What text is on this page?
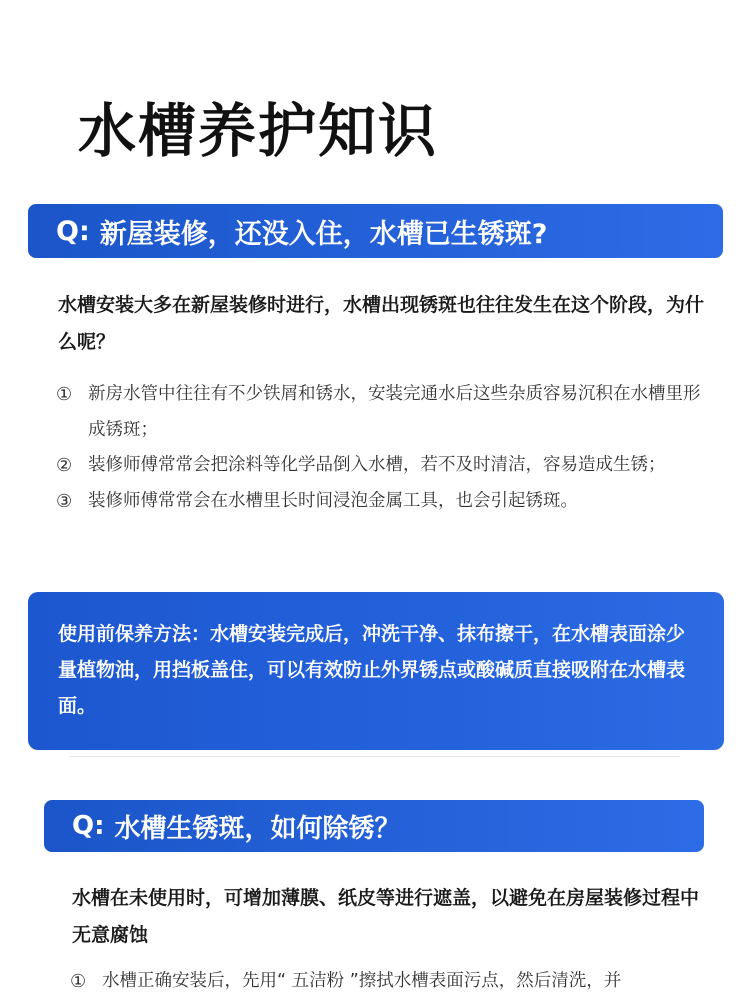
水槽养护知识
Q: 新屋装修，还没入住，水槽已生锈斑?
水槽安装大多在新屋装修时进行，水槽出现锈斑也往往发生在这个阶段，为什么呢？
① 新房水管中往往有不少铁屑和锈水，安装完通水后这些杂质容易沉积在水槽里形成锈斑；
② 装修师傅常常会把涂料等化学品倒入水槽，若不及时清洁，容易造成生锈；
③ 装修师傅常常会在水槽里长时间浸泡金属工具，也会引起锈斑。
使用前保养方法：水槽安装完成后，冲洗干净、抹布擦干，在水槽表面涂少量植物油，用挡板盖住，可以有效防止外界锈点或酸碱质直接吸附在水槽表面。
Q: 水槽生锈斑，如何除锈？
水槽在未使用时，可增加薄膜、纸皮等进行遮盖，以避免在房屋装修过程中无意腐蚀
① 水槽正确安装后，先用“ 五洁粉 ”擦拭水槽表面污点，然后清洗，并
